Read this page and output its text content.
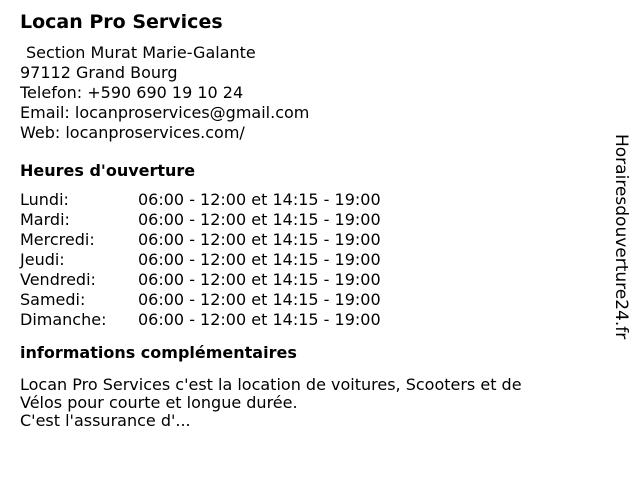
Locan Pro Services
Section Murat Marie-Galante
97112 Grand Bourg
Telefon: +590 690 19 10 24
Email: locanproservices@gmail.com
Web: locanproservices.com/
Heures d'ouverture
Lundi:	06:00 - 12:00 et 14:15 - 19:00
Mardi:	06:00 - 12:00 et 14:15 - 19:00
Mercredi:	06:00 - 12:00 et 14:15 - 19:00
Jeudi:	06:00 - 12:00 et 14:15 - 19:00
Vendredi:	06:00 - 12:00 et 14:15 - 19:00
Samedi:	06:00 - 12:00 et 14:15 - 19:00
Dimanche:	06:00 - 12:00 et 14:15 - 19:00
informations complémentaires
Locan Pro Services c'est la location de voitures, Scooters et de
Vélos pour courte et longue durée.
C'est l'assurance d'...
Horairesdouverture24.fr
